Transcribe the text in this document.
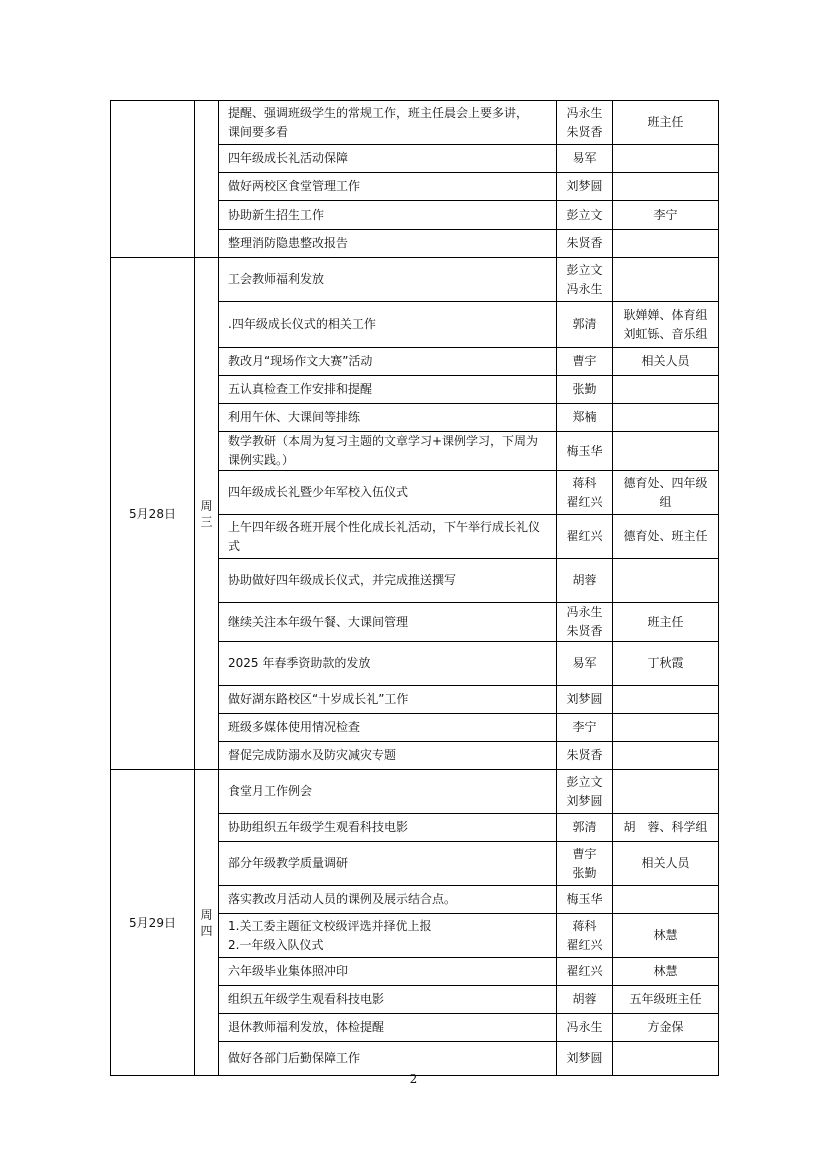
		提醒、强调班级学生的常规工作，班主任晨会上要多讲，
课间要多看	冯永生
朱贤香	班主任

		四年级成长礼活动保障	易军	

		做好两校区食堂管理工作	刘梦圆	

		协助新生招生工作	彭立文	李宁

		整理消防隐患整改报告	朱贤香	

5月28日	周
三	工会教师福利发放	彭立文
冯永生	

		.四年级成长仪式的相关工作	郭清	耿婵婵、体育组
刘虹铄、音乐组

		教改月“现场作文大赛”活动	曹宇	相关人员

		五认真检查工作安排和提醒	张勤	

		利用午休、大课间等排练	郑楠	

		数学教研（本周为复习主题的文章学习+课例学习，下周为
课例实践。）	梅玉华	

		四年级成长礼暨少年军校入伍仪式	蒋科
翟红兴	德育处、四年级
组

		上午四年级各班开展个性化成长礼活动，下午举行成长礼仪
式	翟红兴	德育处、班主任

		协助做好四年级成长仪式，并完成推送撰写	胡蓉	

		继续关注本年级午餐、大课间管理	冯永生
朱贤香	班主任

		2025 年春季资助款的发放	易军	丁秋霞

		做好湖东路校区“十岁成长礼”工作	刘梦圆	

		班级多媒体使用情况检查	李宁	

		督促完成防溺水及防灾减灾专题	朱贤香	

5月29日	周
四	食堂月工作例会	彭立文
刘梦圆	

		协助组织五年级学生观看科技电影	郭清	胡　蓉、科学组

		部分年级教学质量调研	曹宇
张勤	相关人员

		落实教改月活动人员的课例及展示结合点。	梅玉华	

		1.关工委主题征文校级评选并择优上报
2.一年级入队仪式	蒋科
翟红兴	林慧

		六年级毕业集体照冲印	翟红兴	林慧

		组织五年级学生观看科技电影	胡蓉	五年级班主任

		退休教师福利发放，体检提醒	冯永生	方金保

		做好各部门后勤保障工作	刘梦圆	

2
